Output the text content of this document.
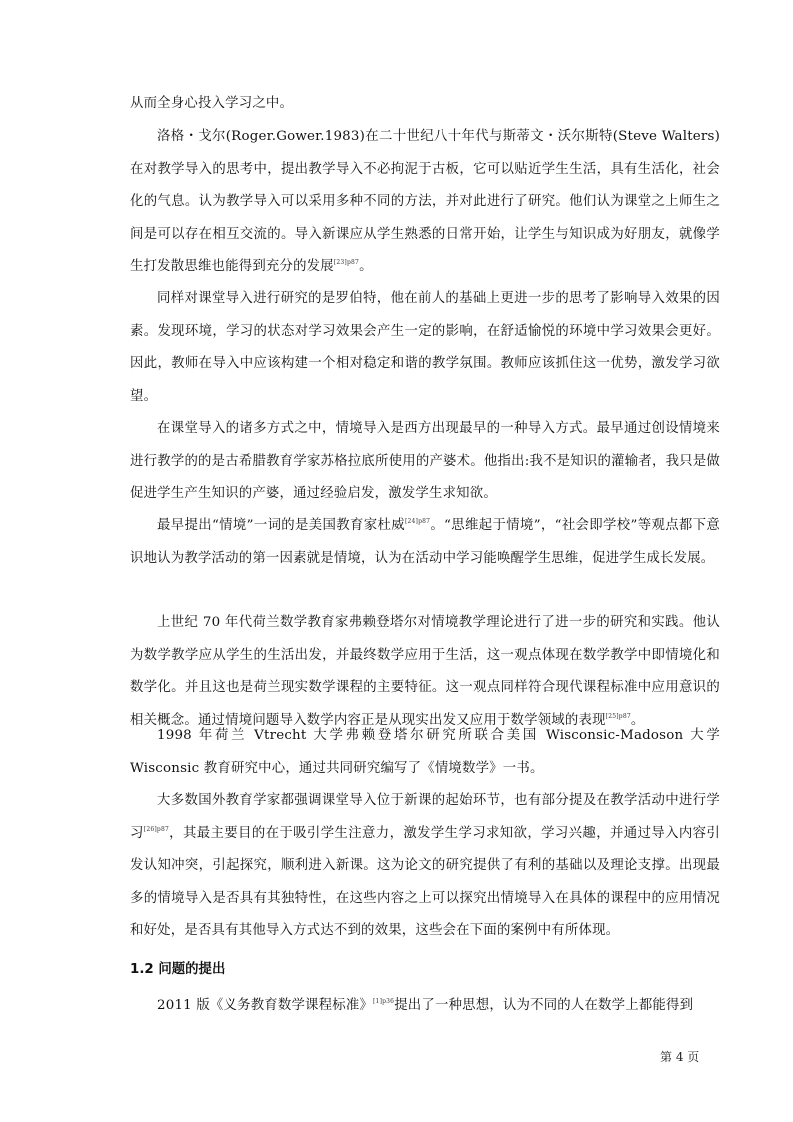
从而全身心投入学习之中。

洛格・戈尔(Roger.Gower.1983)在二十世纪八十年代与斯蒂文・沃尔斯特(Steve Walters)在对教学导入的思考中，提出教学导入不必拘泥于古板，它可以贴近学生生活，具有生活化，社会化的气息。认为教学导入可以采用多种不同的方法，并对此进行了研究。他们认为课堂之上师生之间是可以存在相互交流的。导入新课应从学生熟悉的日常开始，让学生与知识成为好朋友，就像学生打发散思维也能得到充分的发展$^{[23]p87}$。

同样对课堂导入进行研究的是罗伯特，他在前人的基础上更进一步的思考了影响导入效果的因素。发现环境，学习的状态对学习效果会产生一定的影响，在舒适愉悦的环境中学习效果会更好。因此，教师在导入中应该构建一个相对稳定和谐的教学氛围。教师应该抓住这一优势，激发学习欲望。

在课堂导入的诸多方式之中，情境导入是西方出现最早的一种导入方式。最早通过创设情境来进行教学的的是古希腊教育学家苏格拉底所使用的产婆术。他指出:我不是知识的灌输者，我只是做促进学生产生知识的产婆，通过经验启发，激发学生求知欲。

最早提出“情境”一词的是美国教育家杜威$^{[24]p87}$。“思维起于情境”，“社会即学校”等观点都下意识地认为教学活动的第一因素就是情境，认为在活动中学习能唤醒学生思维，促进学生成长发展。

上世纪 70 年代荷兰数学教育家弗赖登塔尔对情境教学理论进行了进一步的研究和实践。他认为数学教学应从学生的生活出发，并最终数学应用于生活，这一观点体现在数学教学中即情境化和数学化。并且这也是荷兰现实数学课程的主要特征。这一观点同样符合现代课程标准中应用意识的相关概念。通过情境问题导入数学内容正是从现实出发又应用于数学领域的表现$^{[25]p87}$。

1998 年荷兰 Vtrecht 大学弗赖登塔尔研究所联合美国 Wisconsic-Madoson 大学 Wisconsic 教育研究中心，通过共同研究编写了《情境数学》一书。

大多数国外教育学家都强调课堂导入位于新课的起始环节，也有部分提及在教学活动中进行学习$^{[26]p87}$，其最主要目的在于吸引学生注意力，激发学生学习求知欲，学习兴趣，并通过导入内容引发认知冲突，引起探究，顺利进入新课。这为论文的研究提供了有利的基础以及理论支撑。出现最多的情境导入是否具有其独特性，在这些内容之上可以探究出情境导入在具体的课程中的应用情况和好处，是否具有其他导入方式达不到的效果，这些会在下面的案例中有所体现。

1.2 问题的提出

2011 版《义务教育数学课程标准》$^{[1]p36}$提出了一种思想，认为不同的人在数学上都能得到

第 4 页
